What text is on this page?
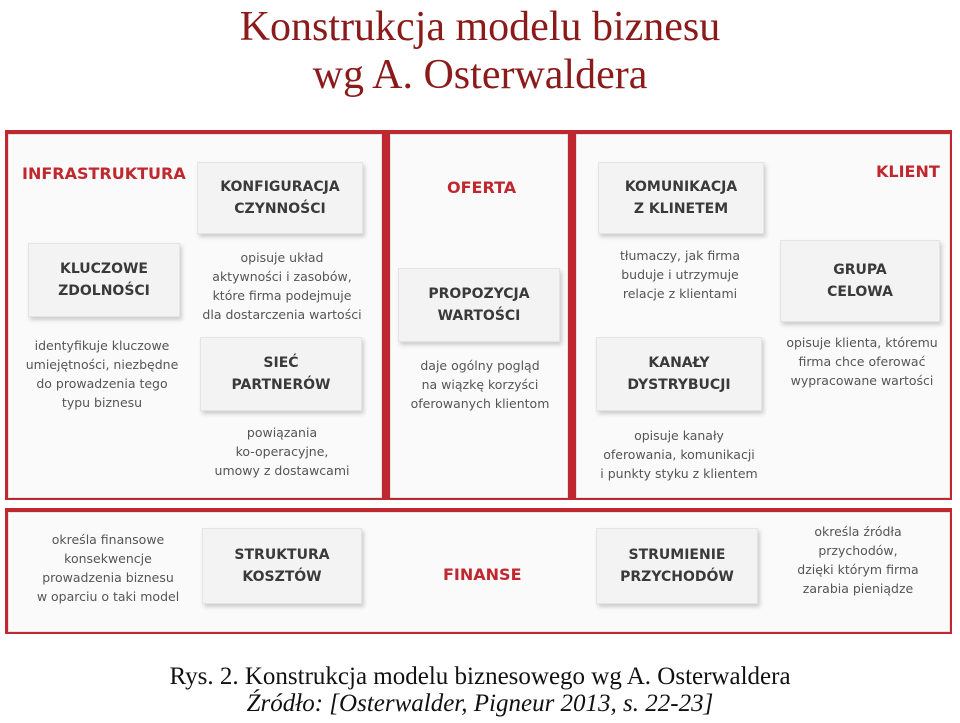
Konstrukcja modelu biznesu
wg A. Osterwaldera
INFRASTRUKTURA
OFERTA
KLIENT
FINANSE
KONFIGURACJA
CZYNNOŚCI
opisuje układ
aktywności i zasobów,
które firma podejmuje
dla dostarczenia wartości
KLUCZOWE
ZDOLNOŚCI
identyfikuje kluczowe
umiejętności, niezbędne
do prowadzenia tego
typu biznesu
SIEĆ
PARTNERÓW
powiązania
ko-operacyjne,
umowy z dostawcami
PROPOZYCJA
WARTOŚCI
daje ogólny pogląd
na wiązkę korzyści
oferowanych klientom
KOMUNIKACJA
Z KLINETEM
tłumaczy, jak firma
buduje i utrzymuje
relacje z klientami
KANAŁY
DYSTRYBUCJI
opisuje kanały
oferowania, komunikacji
i punkty styku z klientem
GRUPA
CELOWA
opisuje klienta, któremu
firma chce oferować
wypracowane wartości
STRUKTURA
KOSZTÓW
określa finansowe
konsekwencje
prowadzenia biznesu
w oparciu o taki model
STRUMIENIE
PRZYCHODÓW
określa źródła
przychodów,
dzięki którym firma
zarabia pieniądze
Rys. 2. Konstrukcja modelu biznesowego wg A. Osterwaldera
Źródło: [Osterwalder, Pigneur 2013, s. 22-23]
